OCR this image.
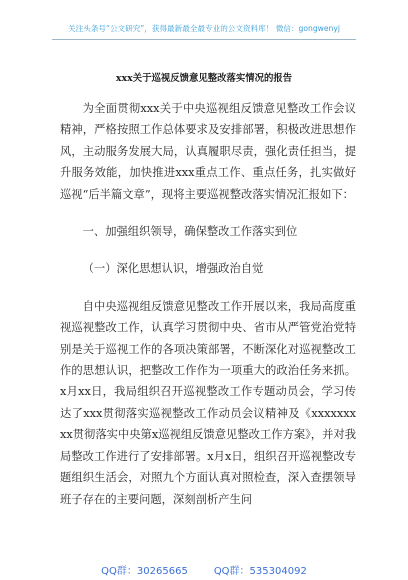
关注头条号“公文研究”，获得最新最全最专业的公文资料库！ 微信：gongwenyj
xxx关于巡视反馈意见整改落实情况的报告

为全面贯彻xxx关于中央巡视组反馈意见整改工作会议精神，严格按照工作总体要求及安排部署，积极改进思想作风，主动服务发展大局，认真履职尽责，强化责任担当，提升服务效能，加快推进xxx重点工作、重点任务，扎实做好巡视“后半篇文章”，现将主要巡视整改落实情况汇报如下：

一、加强组织领导，确保整改工作落实到位

（一）深化思想认识，增强政治自觉

自中央巡视组反馈意见整改工作开展以来，我局高度重视巡视整改工作，认真学习贯彻中央、省市从严管党治党特别是关于巡视工作的各项决策部署，不断深化对巡视整改工作的思想认识，把整改工作作为一项重大的政治任务来抓。x月xx日，我局组织召开巡视整改工作专题动员会，学习传达了xxx贯彻落实巡视整改工作动员会议精神及《xxxxxxxxx贯彻落实中央第x巡视组反馈意见整改工作方案》，并对我局整改工作进行了安排部署。x月x日，组织召开巡视整改专题组织生活会，对照九个方面认真对照检查，深入查摆领导班子存在的主要问题，深刻剖析产生问

QQ群：30265665	QQ群：535304092
